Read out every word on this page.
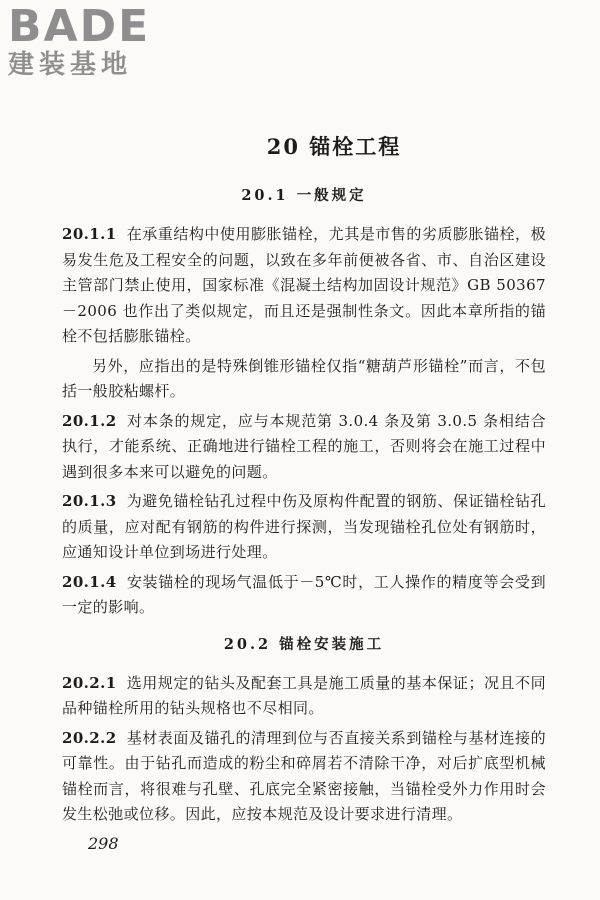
BADE
建装基地
20 锚栓工程
20.1 一般规定

20.1.1 在承重结构中使用膨胀锚栓，尤其是市售的劣质膨胀锚栓，极易发生危及工程安全的问题，以致在多年前便被各省、市、自治区建设主管部门禁止使用，国家标准《混凝土结构加固设计规范》GB 50367－2006 也作出了类似规定，而且还是强制性条文。因此本章所指的锚栓不包括膨胀锚栓。

另外，应指出的是特殊倒锥形锚栓仅指“糖葫芦形锚栓”而言，不包括一般胶粘螺杆。

20.1.2 对本条的规定，应与本规范第 3.0.4 条及第 3.0.5 条相结合执行，才能系统、正确地进行锚栓工程的施工，否则将会在施工过程中遇到很多本来可以避免的问题。

20.1.3 为避免锚栓钻孔过程中伤及原构件配置的钢筋、保证锚栓钻孔的质量，应对配有钢筋的构件进行探测，当发现锚栓孔位处有钢筋时，应通知设计单位到场进行处理。

20.1.4 安装锚栓的现场气温低于－5℃时，工人操作的精度等会受到一定的影响。

20.2 锚栓安装施工

20.2.1 选用规定的钻头及配套工具是施工质量的基本保证；况且不同品种锚栓所用的钻头规格也不尽相同。

20.2.2 基材表面及锚孔的清理到位与否直接关系到锚栓与基材连接的可靠性。由于钻孔而造成的粉尘和碎屑若不清除干净，对后扩底型机械锚栓而言，将很难与孔壁、孔底完全紧密接触，当锚栓受外力作用时会发生松弛或位移。因此，应按本规范及设计要求进行清理。

298
